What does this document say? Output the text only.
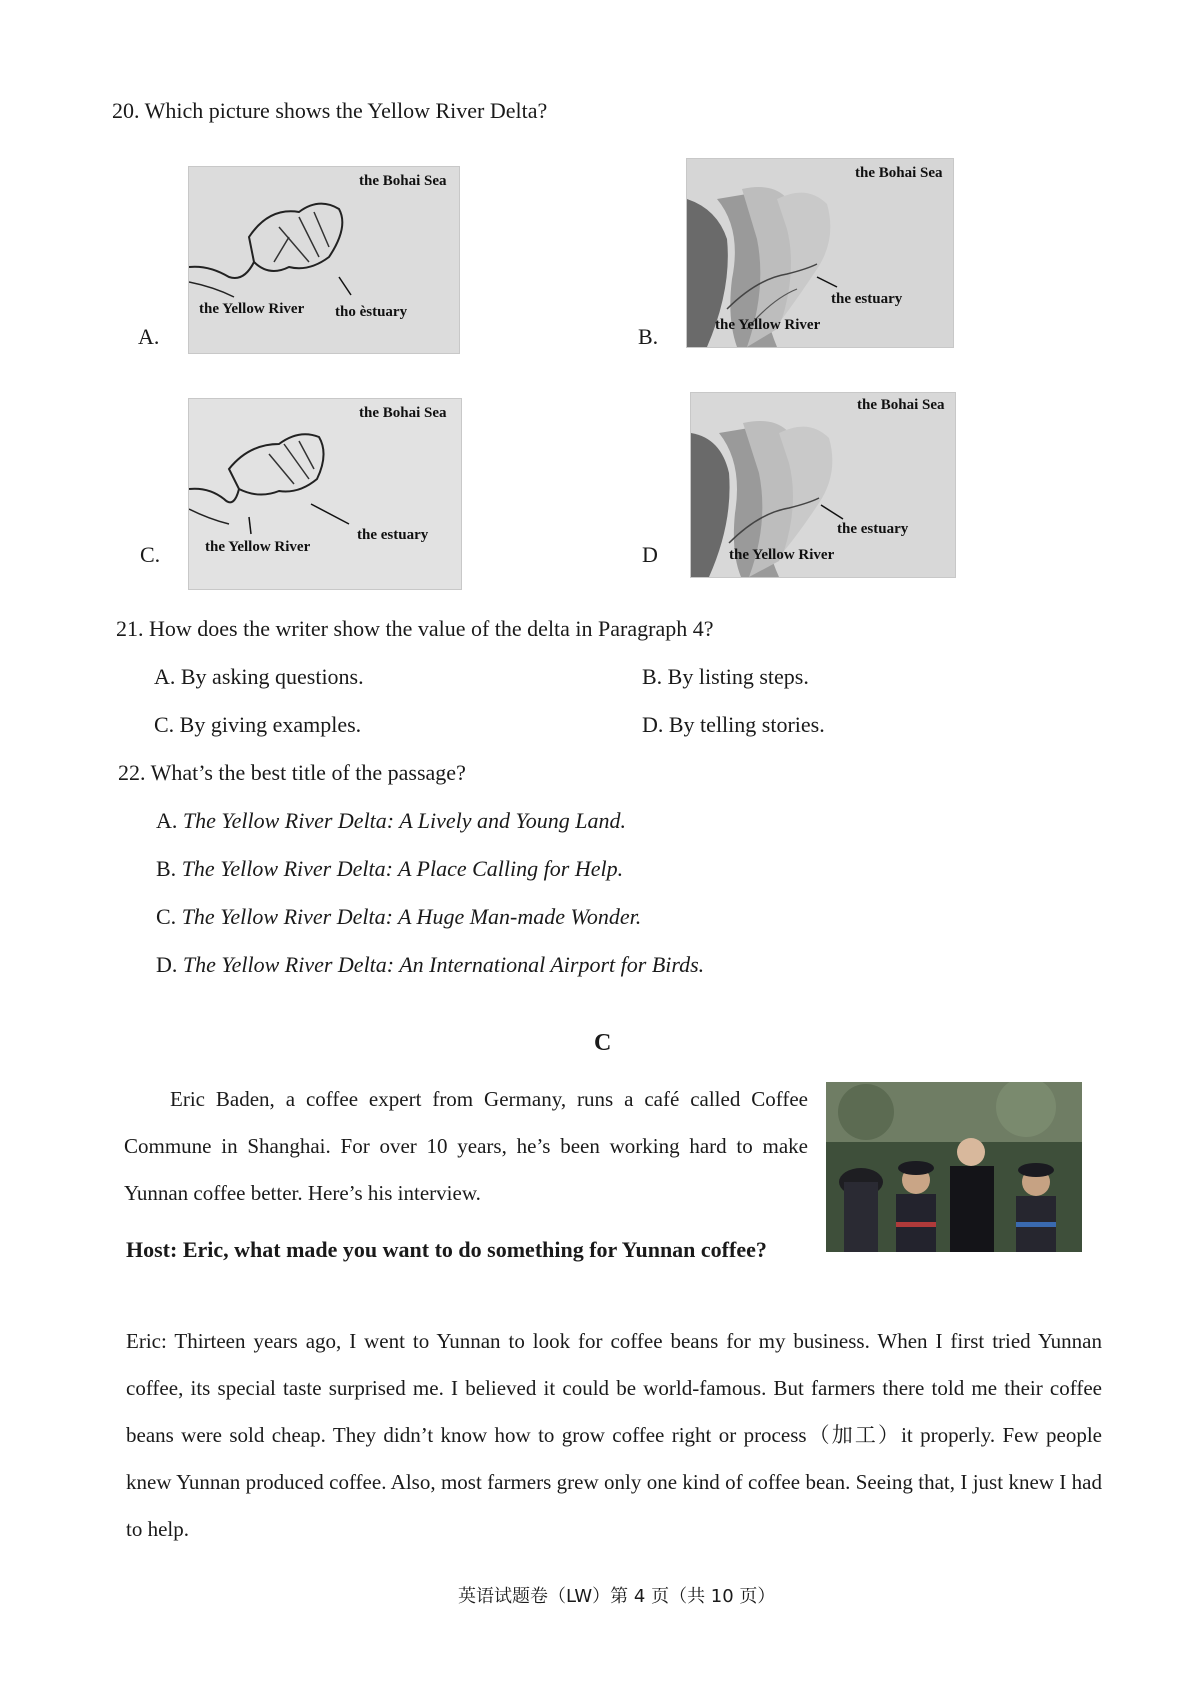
20. Which picture shows the Yellow River Delta?
A.
the Bohai Sea
the Yellow River tho èstuary
B.
the Bohai Sea
the estuary
the Yellow River
C.
the Bohai Sea
the Yellow River
the estuary
D
the Bohai Sea
the estuary
the Yellow River
21. How does the writer show the value of the delta in Paragraph 4?
A. By asking questions.	B. By listing steps.
C. By giving examples.	D. By telling stories.
22. What’s the best title of the passage?
A. The Yellow River Delta: A Lively and Young Land.
B. The Yellow River Delta: A Place Calling for Help.
C. The Yellow River Delta: A Huge Man-made Wonder.
D. The Yellow River Delta: An International Airport for Birds.
C
Eric Baden, a coffee expert from Germany, runs a café called Coffee Commune in Shanghai. For over 10 years, he’s been working hard to make Yunnan coffee better. Here’s his interview.
Host: Eric, what made you want to do something for Yunnan coffee?
Eric: Thirteen years ago, I went to Yunnan to look for coffee beans for my business. When I first tried Yunnan coffee, its special taste surprised me. I believed it could be world-famous. But farmers there told me their coffee beans were sold cheap. They didn’t know how to grow coffee right or process（加工）it properly. Few people knew Yunnan produced coffee. Also, most farmers grew only one kind of coffee bean. Seeing that, I just knew I had to help.
英语试题卷（LW）第 4 页（共 10 页）
